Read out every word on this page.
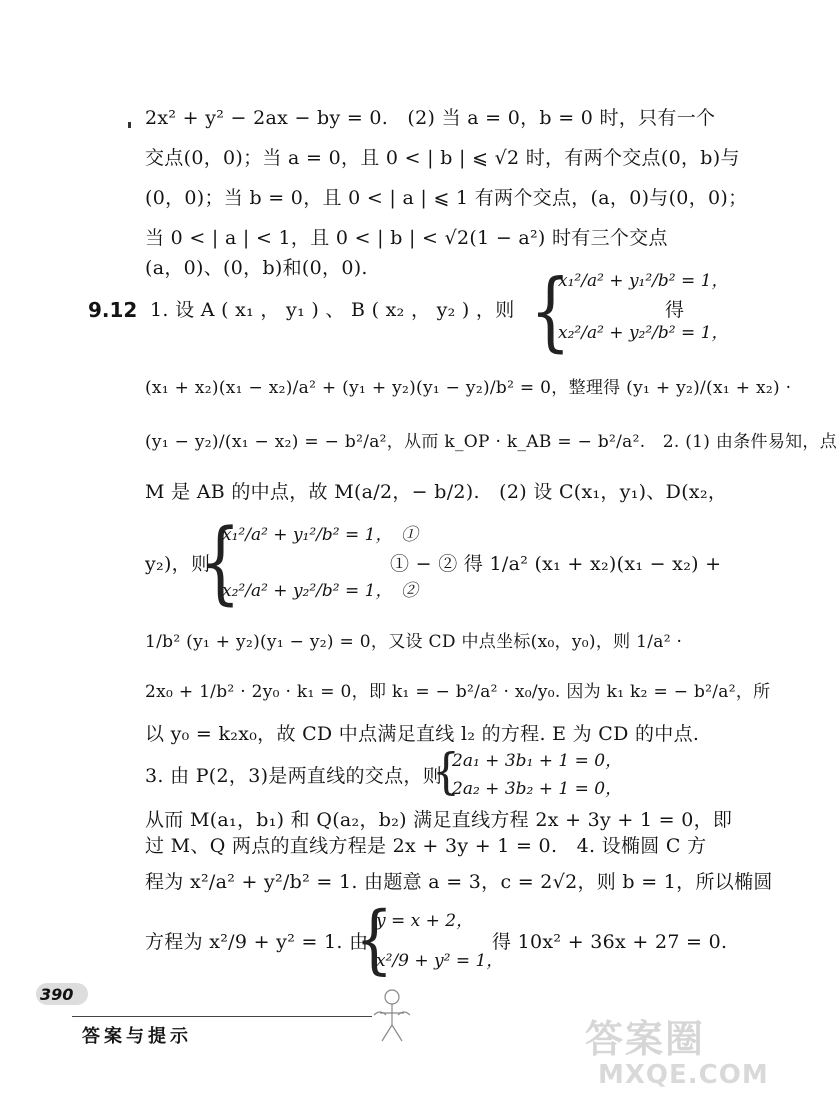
2x² + y² − 2ax − by = 0.　(2) 当 a = 0，b = 0 时，只有一个
交点(0，0)；当 a = 0，且 0 < | b | ⩽ √2 时，有两个交点(0，b)与
(0，0)；当 b = 0，且 0 < | a | ⩽ 1 有两个交点，(a，0)与(0，0)；
当 0 < | a | < 1，且 0 < | b | < √2(1 − a²) 时有三个交点
(a，0)、(0，b)和(0，0).
9.12 1. 设 A ( x₁ ， y₁ ) 、 B ( x₂ ， y₂ ) ，则 {
x₁²/a² + y₁²/b² = 1，
x₂²/a² + y₂²/b² = 1，
得
(x₁ + x₂)(x₁ − x₂)/a² + (y₁ + y₂)(y₁ − y₂)/b² = 0，整理得 (y₁ + y₂)/(x₁ + x₂) ·
(y₁ − y₂)/(x₁ − x₂) = − b²/a²，从而 k_OP · k_AB = − b²/a².　2. (1) 由条件易知，点
M 是 AB 的中点，故 M(a/2，− b/2).　(2) 设 C(x₁，y₁)、D(x₂，
y₂)，则
{
x₁²/a² + y₁²/b² = 1，　①
x₂²/a² + y₂²/b² = 1，　②
① − ② 得 1/a² (x₁ + x₂)(x₁ − x₂) +
1/b² (y₁ + y₂)(y₁ − y₂) = 0，又设 CD 中点坐标(x₀，y₀)，则 1/a² ·
2x₀ + 1/b² · 2y₀ · k₁ = 0，即 k₁ = − b²/a² · x₀/y₀. 因为 k₁ k₂ = − b²/a²，所
以 y₀ = k₂x₀，故 CD 中点满足直线 l₂ 的方程. E 为 CD 的中点.
3. 由 P(2，3)是两直线的交点，则
{
2a₁ + 3b₁ + 1 = 0，
2a₂ + 3b₂ + 1 = 0，
从而 M(a₁，b₁) 和 Q(a₂，b₂) 满足直线方程 2x + 3y + 1 = 0，即
过 M、Q 两点的直线方程是 2x + 3y + 1 = 0.　4. 设椭圆 C 方
程为 x²/a² + y²/b² = 1. 由题意 a = 3，c = 2√2，则 b = 1，所以椭圆
方程为 x²/9 + y² = 1. 由
{
y = x + 2，
x²/9 + y² = 1，
得 10x² + 36x + 27 = 0.
390
答案与提示	答案圈
MXQE.COM
